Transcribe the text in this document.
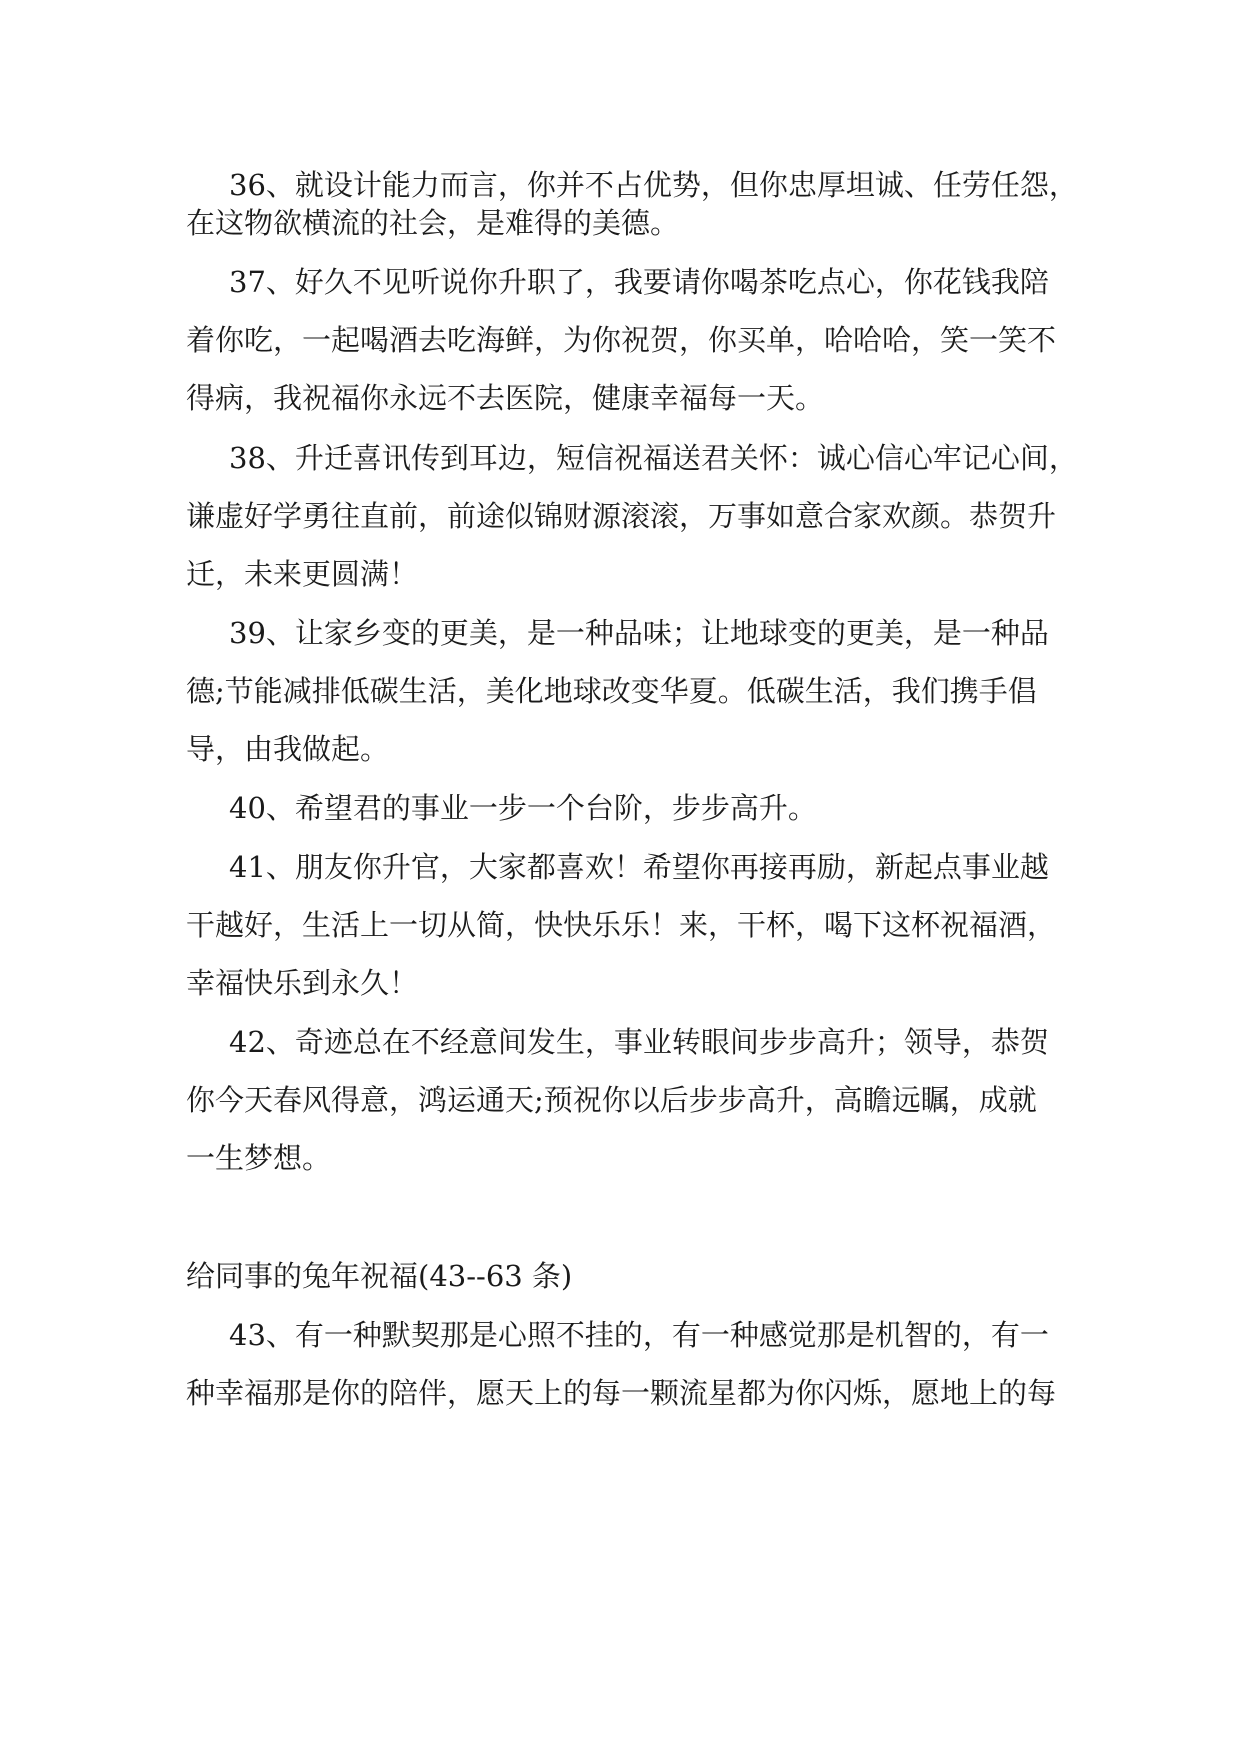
36、就设计能力而言，你并不占优势，但你忠厚坦诚、任劳任怨，

在这物欲横流的社会，是难得的美德。

37、好久不见听说你升职了，我要请你喝茶吃点心，你花钱我陪

着你吃，一起喝酒去吃海鲜，为你祝贺，你买单，哈哈哈，笑一笑不

得病，我祝福你永远不去医院，健康幸福每一天。

38、升迁喜讯传到耳边，短信祝福送君关怀：诚心信心牢记心间，

谦虚好学勇往直前，前途似锦财源滚滚，万事如意合家欢颜。恭贺升

迁，未来更圆满！

39、让家乡变的更美，是一种品味；让地球变的更美，是一种品

德;节能减排低碳生活，美化地球改变华夏。低碳生活，我们携手倡

导，由我做起。

40、希望君的事业一步一个台阶，步步高升。

41、朋友你升官，大家都喜欢！希望你再接再励，新起点事业越

干越好，生活上一切从简，快快乐乐！来，干杯，喝下这杯祝福酒，

幸福快乐到永久！

42、奇迹总在不经意间发生，事业转眼间步步高升；领导，恭贺

你今天春风得意，鸿运通天;预祝你以后步步高升，高瞻远瞩，成就

一生梦想。

给同事的兔年祝福(43--63 条)

43、有一种默契那是心照不挂的，有一种感觉那是机智的，有一

种幸福那是你的陪伴，愿天上的每一颗流星都为你闪烁，愿地上的每
